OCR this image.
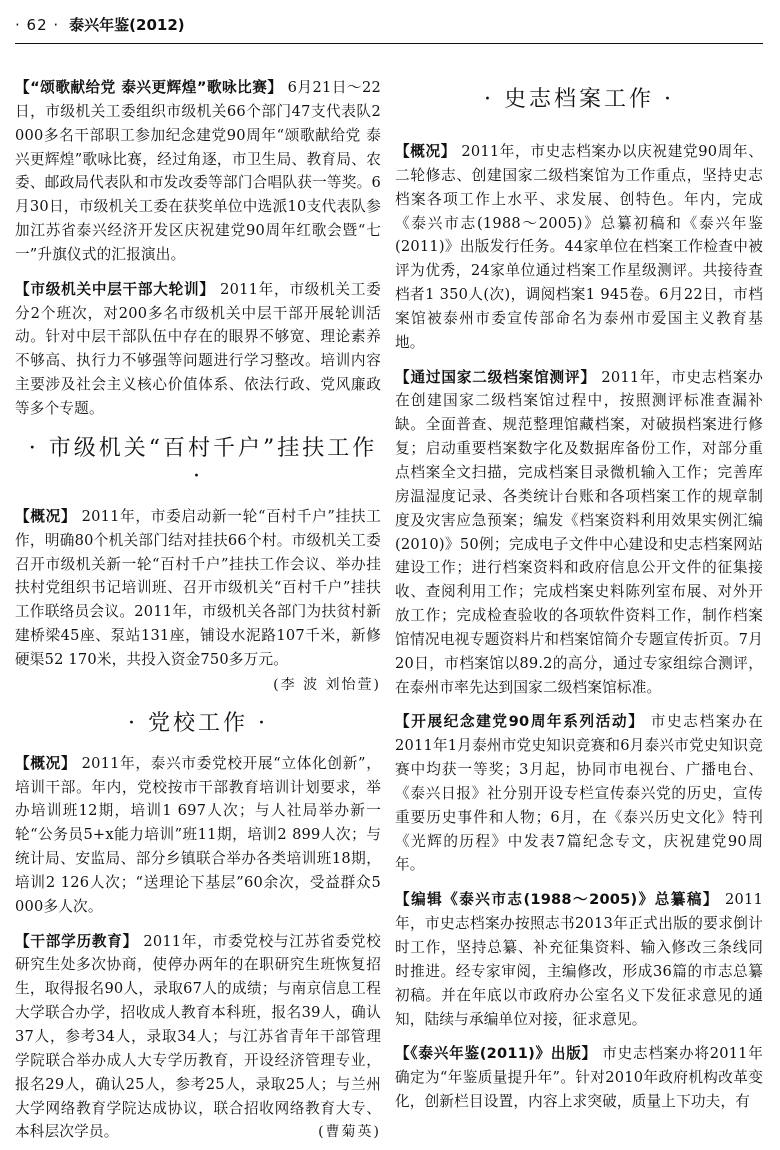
· 62 · 泰兴年鉴(2012)

【 “颂歌献给党 泰兴更辉煌”歌咏比赛 】 6月21日～22日，市级机关工委组织市级机关66个部门47支代表队2 000多名干部职工参加纪念建党90周年“颂歌献给党 泰兴更辉煌”歌咏比赛，经过角逐，市卫生局、教育局、农委、邮政局代表队和市发改委等部门合唱队获一等奖。6月30日，市级机关工委在获奖单位中选派10支代表队参加江苏省泰兴经济开发区庆祝建党90周年红歌会暨“七一”升旗仪式的汇报演出。

【 市级机关中层干部大轮训 】 2011年，市级机关工委分2个班次，对200多名市级机关中层干部开展轮训活动。针对中层干部队伍中存在的眼界不够宽、理论素养不够高、执行力不够强等问题进行学习整改。培训内容主要涉及社会主义核心价值体系、依法行政、党风廉政等多个专题。

· 市级机关“百村千户”挂扶工作·

【 概况 】 2011年，市委启动新一轮“百村千户”挂扶工作，明确80个机关部门结对挂扶66个村。市级机关工委召开市级机关新一轮“百村千户”挂扶工作会议、举办挂扶村党组织书记培训班、召开市级机关“百村千户”挂扶工作联络员会议。2011年，市级机关各部门为扶贫村新建桥梁45座、泵站131座，铺设水泥路107千米，新修硬渠52 170米，共投入资金750多万元。

(李 波 刘怡萱)
· 党校工作 ·

【 概况 】 2011年，泰兴市委党校开展“立体化创新”，培训干部。年内，党校按市干部教育培训计划要求，举办培训班12期，培训1 697人次；与人社局举办新一轮“公务员5+x能力培训”班11期，培训2 899人次；与统计局、安监局、部分乡镇联合举办各类培训班18期，培训2 126人次；“送理论下基层”60余次，受益群众5 000多人次。

【 干部学历教育 】 2011年，市委党校与江苏省委党校研究生处多次协商，使停办两年的在职研究生班恢复招生，取得报名90人，录取67人的成绩；与南京信息工程大学联合办学，招收成人教育本科班，报名39人，确认37人，参考34人，录取34人；与江苏省青年干部管理学院联合举办成人大专学历教育，开设经济管理专业，报名29人，确认25人，参考25人，录取25人；与兰州大学网络教育学院达成协议，联合招收网络教育大专、本科层次学员。	(曹菊英)
· 史志档案工作 ·

【 概况 】 2011年，市史志档案办以庆祝建党90周年、二轮修志、创建国家二级档案馆为工作重点，坚持史志档案各项工作上水平、求发展、创特色。年内，完成《泰兴市志(1988～2005)》总纂初稿和《泰兴年鉴(2011)》出版发行任务。44家单位在档案工作检查中被评为优秀，24家单位通过档案工作星级测评。共接待查档者1 350人(次)，调阅档案1 945卷。6月22日，市档案馆被泰州市委宣传部命名为泰州市爱国主义教育基地。

【 通过国家二级档案馆测评 】 2011年，市史志档案办在创建国家二级档案馆过程中，按照测评标准查漏补缺。全面普查、规范整理馆藏档案，对破损档案进行修复；启动重要档案数字化及数据库备份工作，对部分重点档案全文扫描，完成档案目录微机输入工作；完善库房温湿度记录、各类统计台账和各项档案工作的规章制度及灾害应急预案；编发《档案资料利用效果实例汇编(2010)》50例；完成电子文件中心建设和史志档案网站建设工作；进行档案资料和政府信息公开文件的征集接收、查阅利用工作；完成档案史料陈列室布展、对外开放工作；完成检查验收的各项软件资料工作，制作档案馆情况电视专题资料片和档案馆简介专题宣传折页。7月20日，市档案馆以89.2的高分，通过专家组综合测评，在泰州市率先达到国家二级档案馆标准。

【 开展纪念建党90周年系列活动 】 市史志档案办在2011年1月泰州市党史知识竞赛和6月泰兴市党史知识竞赛中均获一等奖；3月起，协同市电视台、广播电台、《泰兴日报》社分别开设专栏宣传泰兴党的历史，宣传重要历史事件和人物；6月，在《泰兴历史文化》特刊《光辉的历程》中发表7篇纪念专文，庆祝建党90周年。

【 编辑《泰兴市志(1988～2005)》总纂稿 】 2011年，市史志档案办按照志书2013年正式出版的要求倒计时工作，坚持总纂、补充征集资料、输入修改三条线同时推进。经专家审阅，主编修改，形成36篇的市志总纂初稿。并在年底以市政府办公室名义下发征求意见的通知，陆续与承编单位对接，征求意见。

【 《泰兴年鉴(2011)》出版 】 市史志档案办将2011年确定为“年鉴质量提升年”。针对2010年政府机构改革变化，创新栏目设置，内容上求突破，质量上下功夫，有
